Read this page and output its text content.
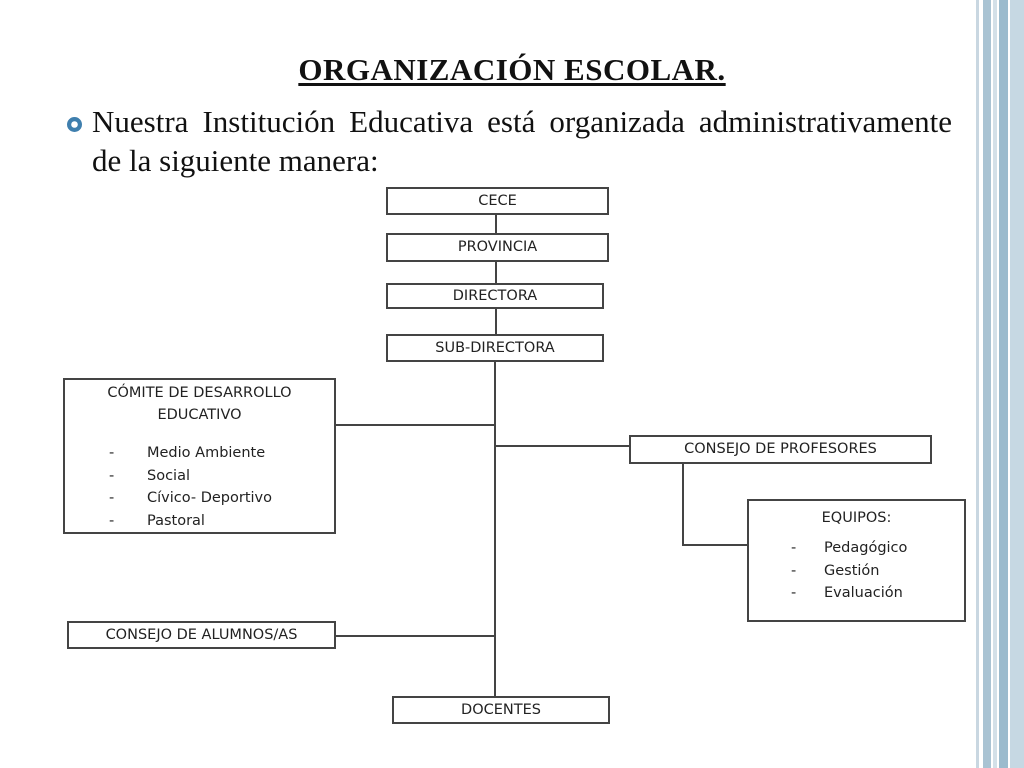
ORGANIZACIÓN ESCOLAR.
Nuestra Institución Educativa está organizada administrativamente de la siguiente manera:
CECE
PROVINCIA
DIRECTORA
SUB-DIRECTORA
CÓMITE DE DESARROLLO
EDUCATIVO
- Medio Ambiente
- Social
- Cívico- Deportivo
- Pastoral
CONSEJO DE PROFESORES
EQUIPOS:
- Pedagógico
- Gestión
- Evaluación
CONSEJO DE ALUMNOS/AS
DOCENTES
